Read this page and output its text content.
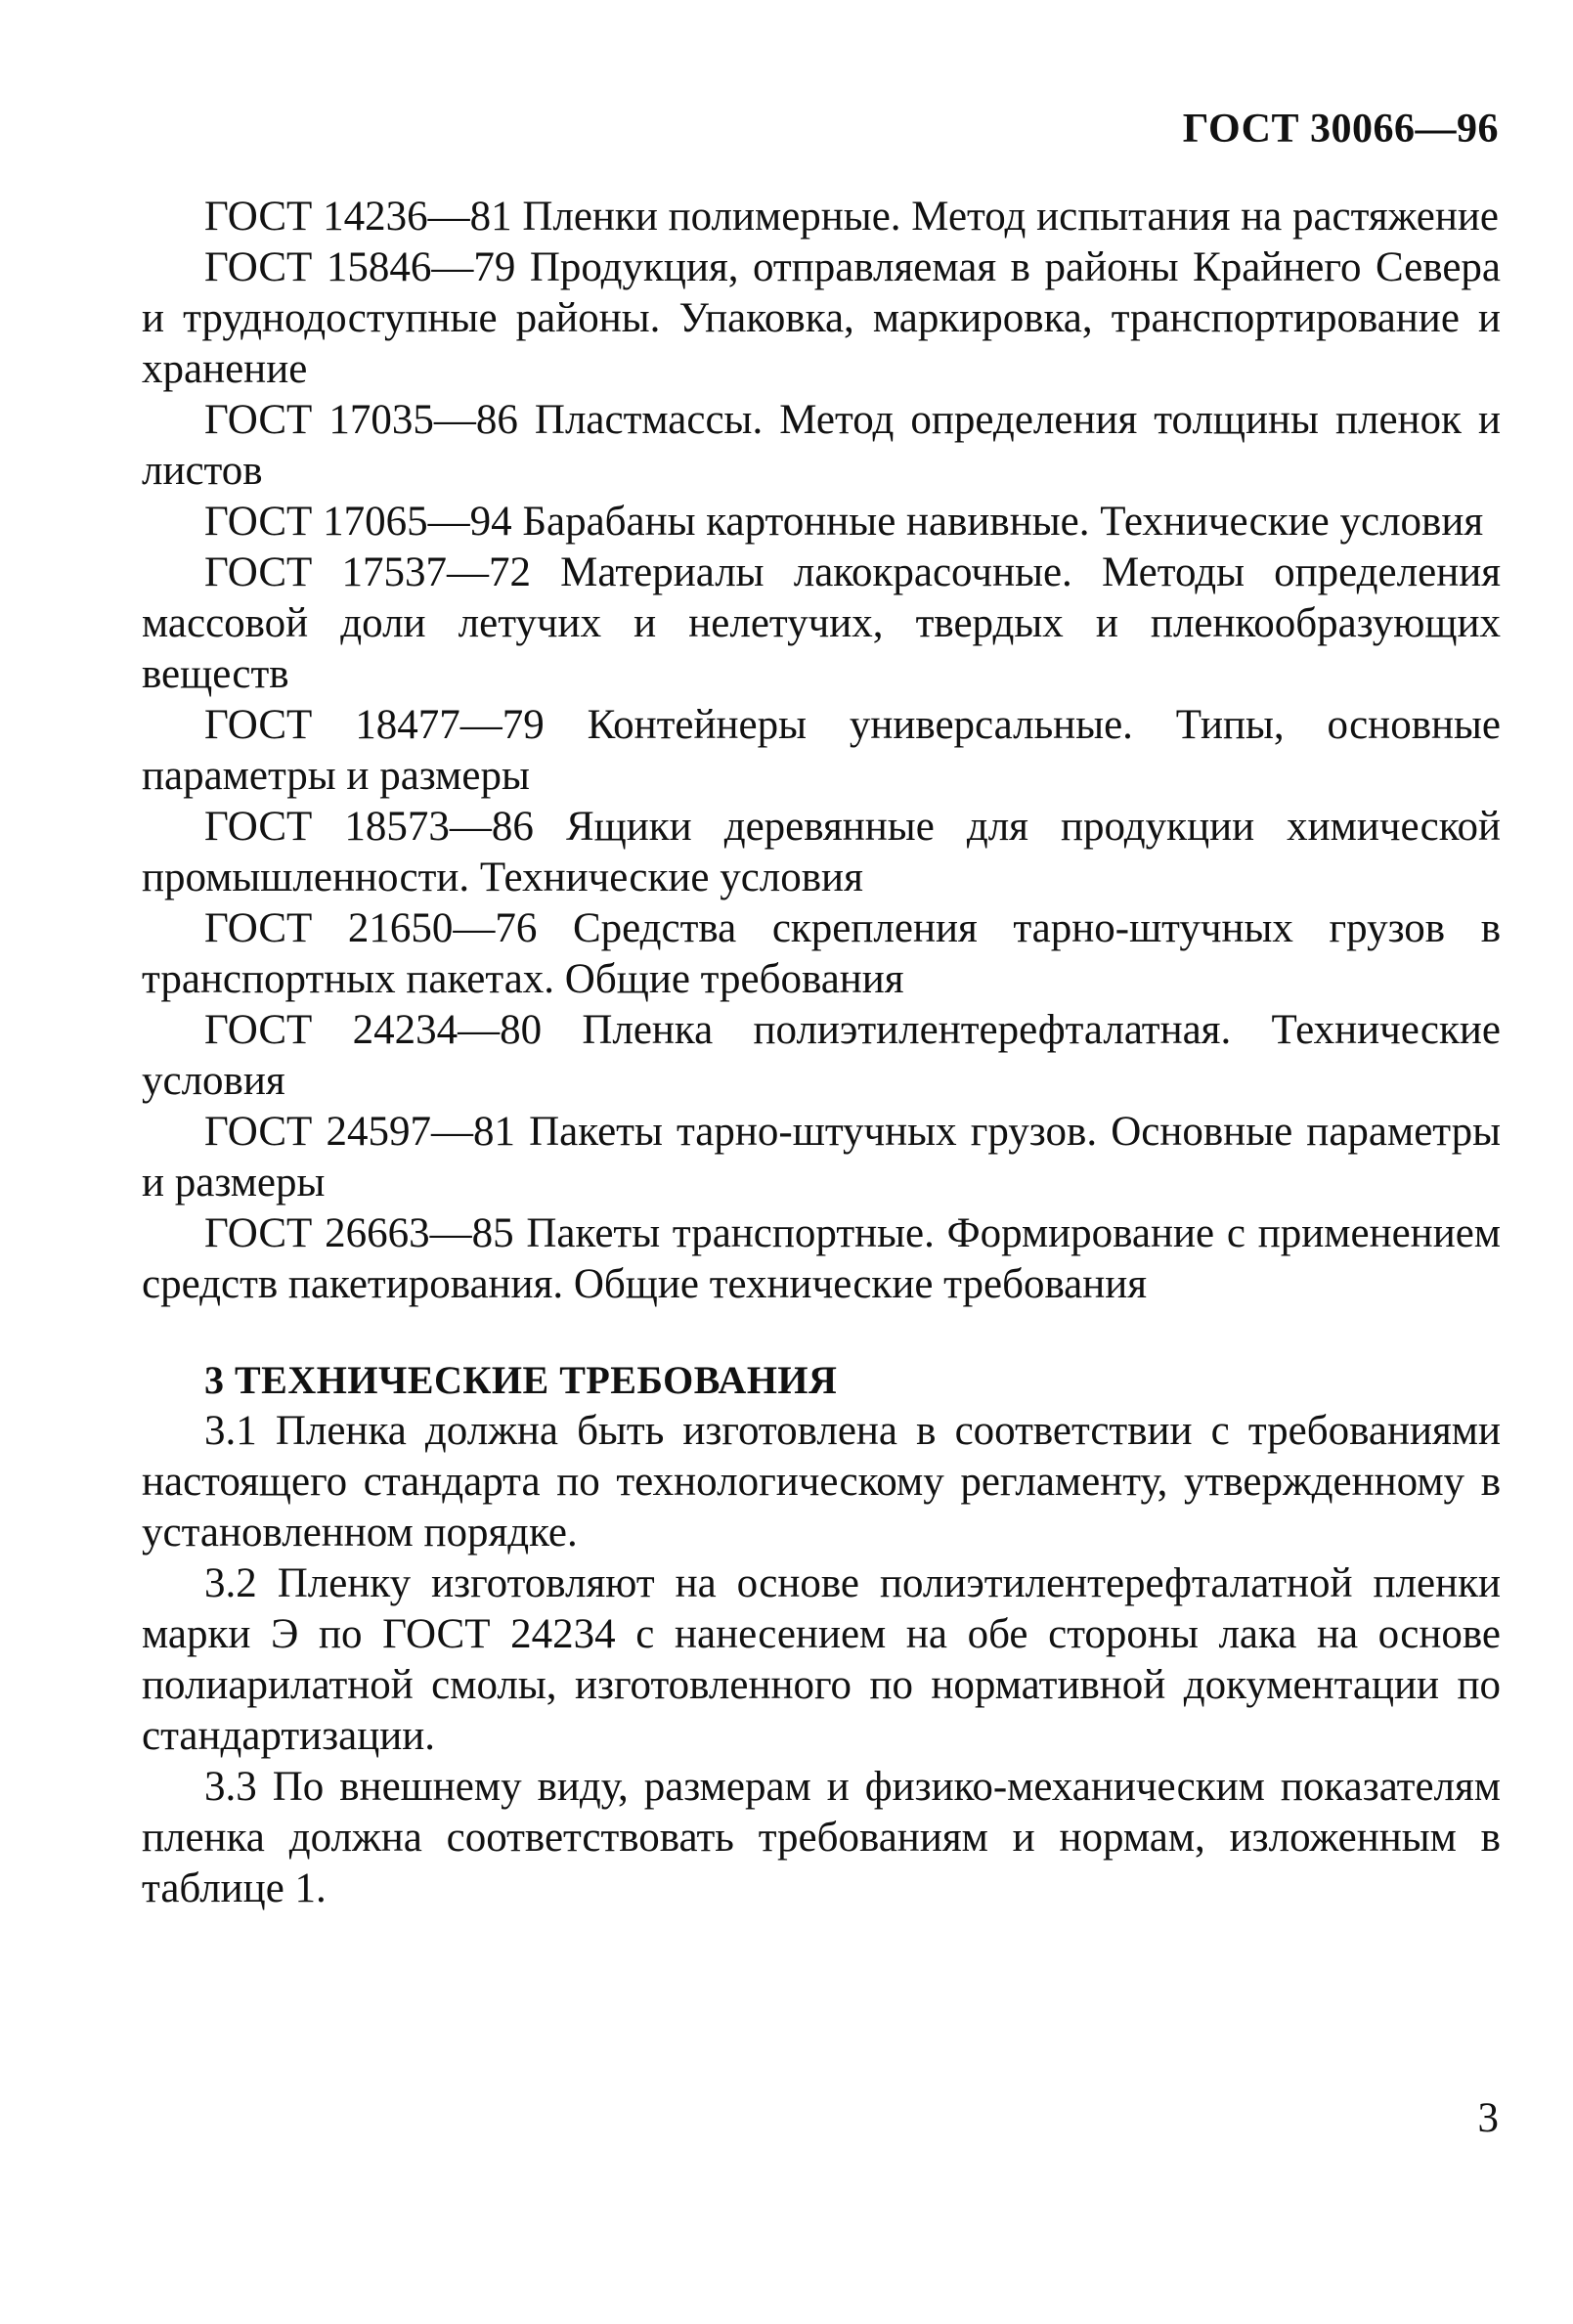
ГОСТ 30066—96

ГОСТ 14236—81 Пленки полимерные. Метод испытания на растяжение

ГОСТ 15846—79 Продукция, отправляемая в районы Крайнего Севера и труднодоступные районы. Упаковка, маркировка, транспортирование и хранение

ГОСТ 17035—86 Пластмассы. Метод определения толщины пленок и листов

ГОСТ 17065—94 Барабаны картонные навивные. Технические условия

ГОСТ 17537—72 Материалы лакокрасочные. Методы определения массовой доли летучих и нелетучих, твердых и пленкообразующих веществ

ГОСТ 18477—79 Контейнеры универсальные. Типы, основные параметры и размеры

ГОСТ 18573—86 Ящики деревянные для продукции химической промышленности. Технические условия

ГОСТ 21650—76 Средства скрепления тарно-штучных грузов в транспортных пакетах. Общие требования

ГОСТ 24234—80 Пленка полиэтилентерефталатная. Технические условия

ГОСТ 24597—81 Пакеты тарно-штучных грузов. Основные параметры и размеры

ГОСТ 26663—85 Пакеты транспортные. Формирование с применением средств пакетирования. Общие технические требования

3 ТЕХНИЧЕСКИЕ ТРЕБОВАНИЯ

3.1 Пленка должна быть изготовлена в соответствии с требованиями настоящего стандарта по технологическому регламенту, утвержденному в установленном порядке.

3.2 Пленку изготовляют на основе полиэтилентерефталатной пленки марки Э по ГОСТ 24234 с нанесением на обе стороны лака на основе полиарилатной смолы, изготовленного по нормативной документации по стандартизации.

3.3 По внешнему виду, размерам и физико-механическим показателям пленка должна соответствовать требованиям и нормам, изложенным в таблице 1.

3
